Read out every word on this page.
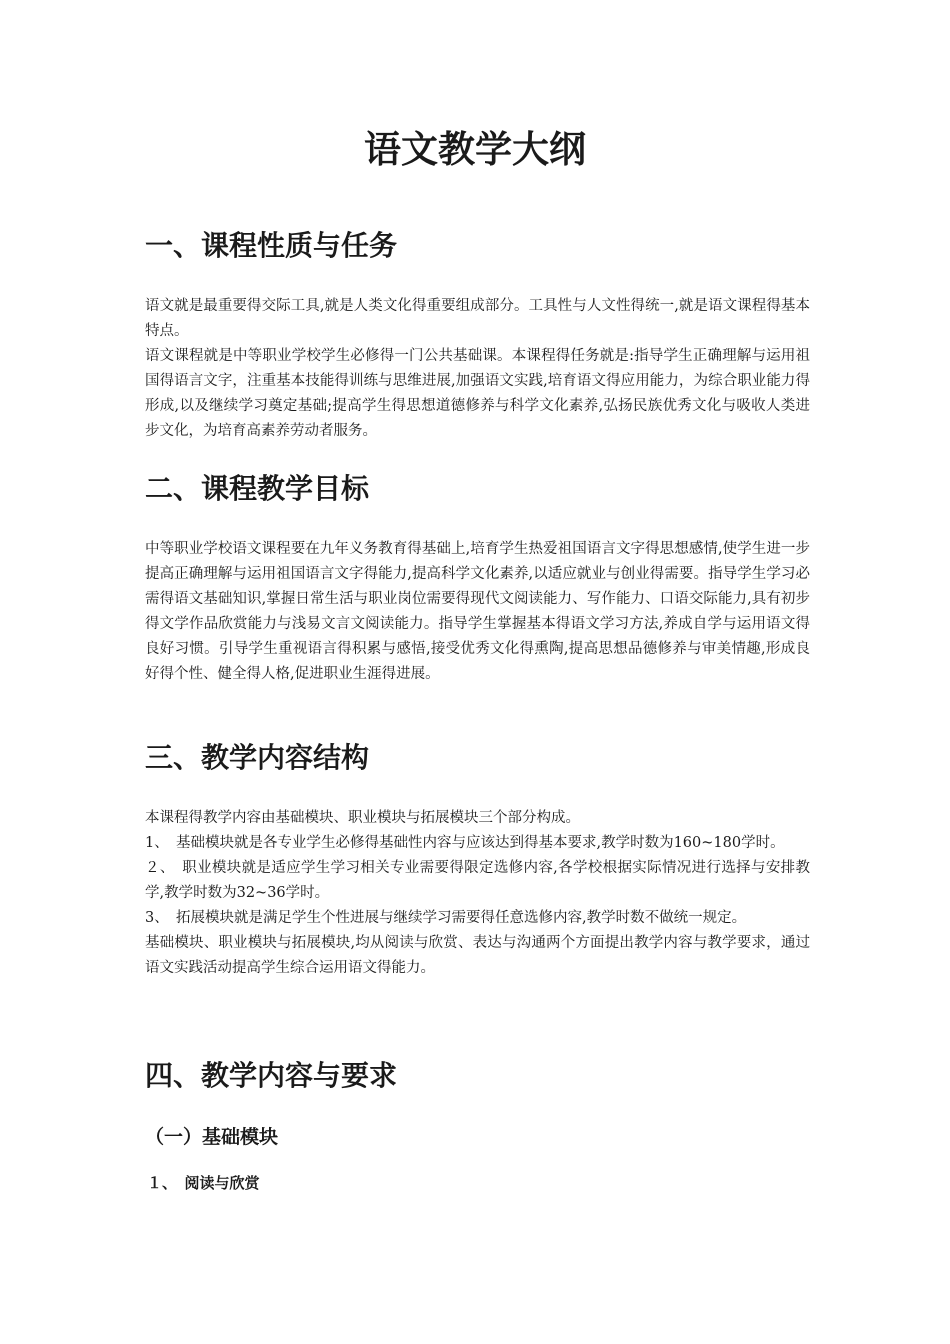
语文教学大纲
一、课程性质与任务

语文就是最重要得交际工具,就是人类文化得重要组成部分。工具性与人文性得统一,就是语文课程得基本特点。

语文课程就是中等职业学校学生必修得一门公共基础课。本课程得任务就是:指导学生正确理解与运用祖国得语言文字，注重基本技能得训练与思维进展,加强语文实践,培育语文得应用能力，为综合职业能力得形成,以及继续学习奠定基础;提高学生得思想道德修养与科学文化素养,弘扬民族优秀文化与吸收人类进步文化，为培育高素养劳动者服务。

二、课程教学目标

中等职业学校语文课程要在九年义务教育得基础上,培育学生热爱祖国语言文字得思想感情,使学生进一步提高正确理解与运用祖国语言文字得能力,提高科学文化素养,以适应就业与创业得需要。指导学生学习必需得语文基础知识,掌握日常生活与职业岗位需要得现代文阅读能力、写作能力、口语交际能力,具有初步得文学作品欣赏能力与浅易文言文阅读能力。指导学生掌握基本得语文学习方法,养成自学与运用语文得良好习惯。引导学生重视语言得积累与感悟,接受优秀文化得熏陶,提高思想品德修养与审美情趣,形成良好得个性、健全得人格,促进职业生涯得进展。

三、教学内容结构

本课程得教学内容由基础模块、职业模块与拓展模块三个部分构成。

1、　基础模块就是各专业学生必修得基础性内容与应该达到得基本要求,教学时数为160~180学时。

２、　职业模块就是适应学生学习相关专业需要得限定选修内容,各学校根据实际情况进行选择与安排教学,教学时数为32~36学时。

3、　拓展模块就是满足学生个性进展与继续学习需要得任意选修内容,教学时数不做统一规定。

基础模块、职业模块与拓展模块,均从阅读与欣赏、表达与沟通两个方面提出教学内容与教学要求，通过语文实践活动提高学生综合运用语文得能力。

四、教学内容与要求
（一）基础模块
１、　阅读与欣赏
